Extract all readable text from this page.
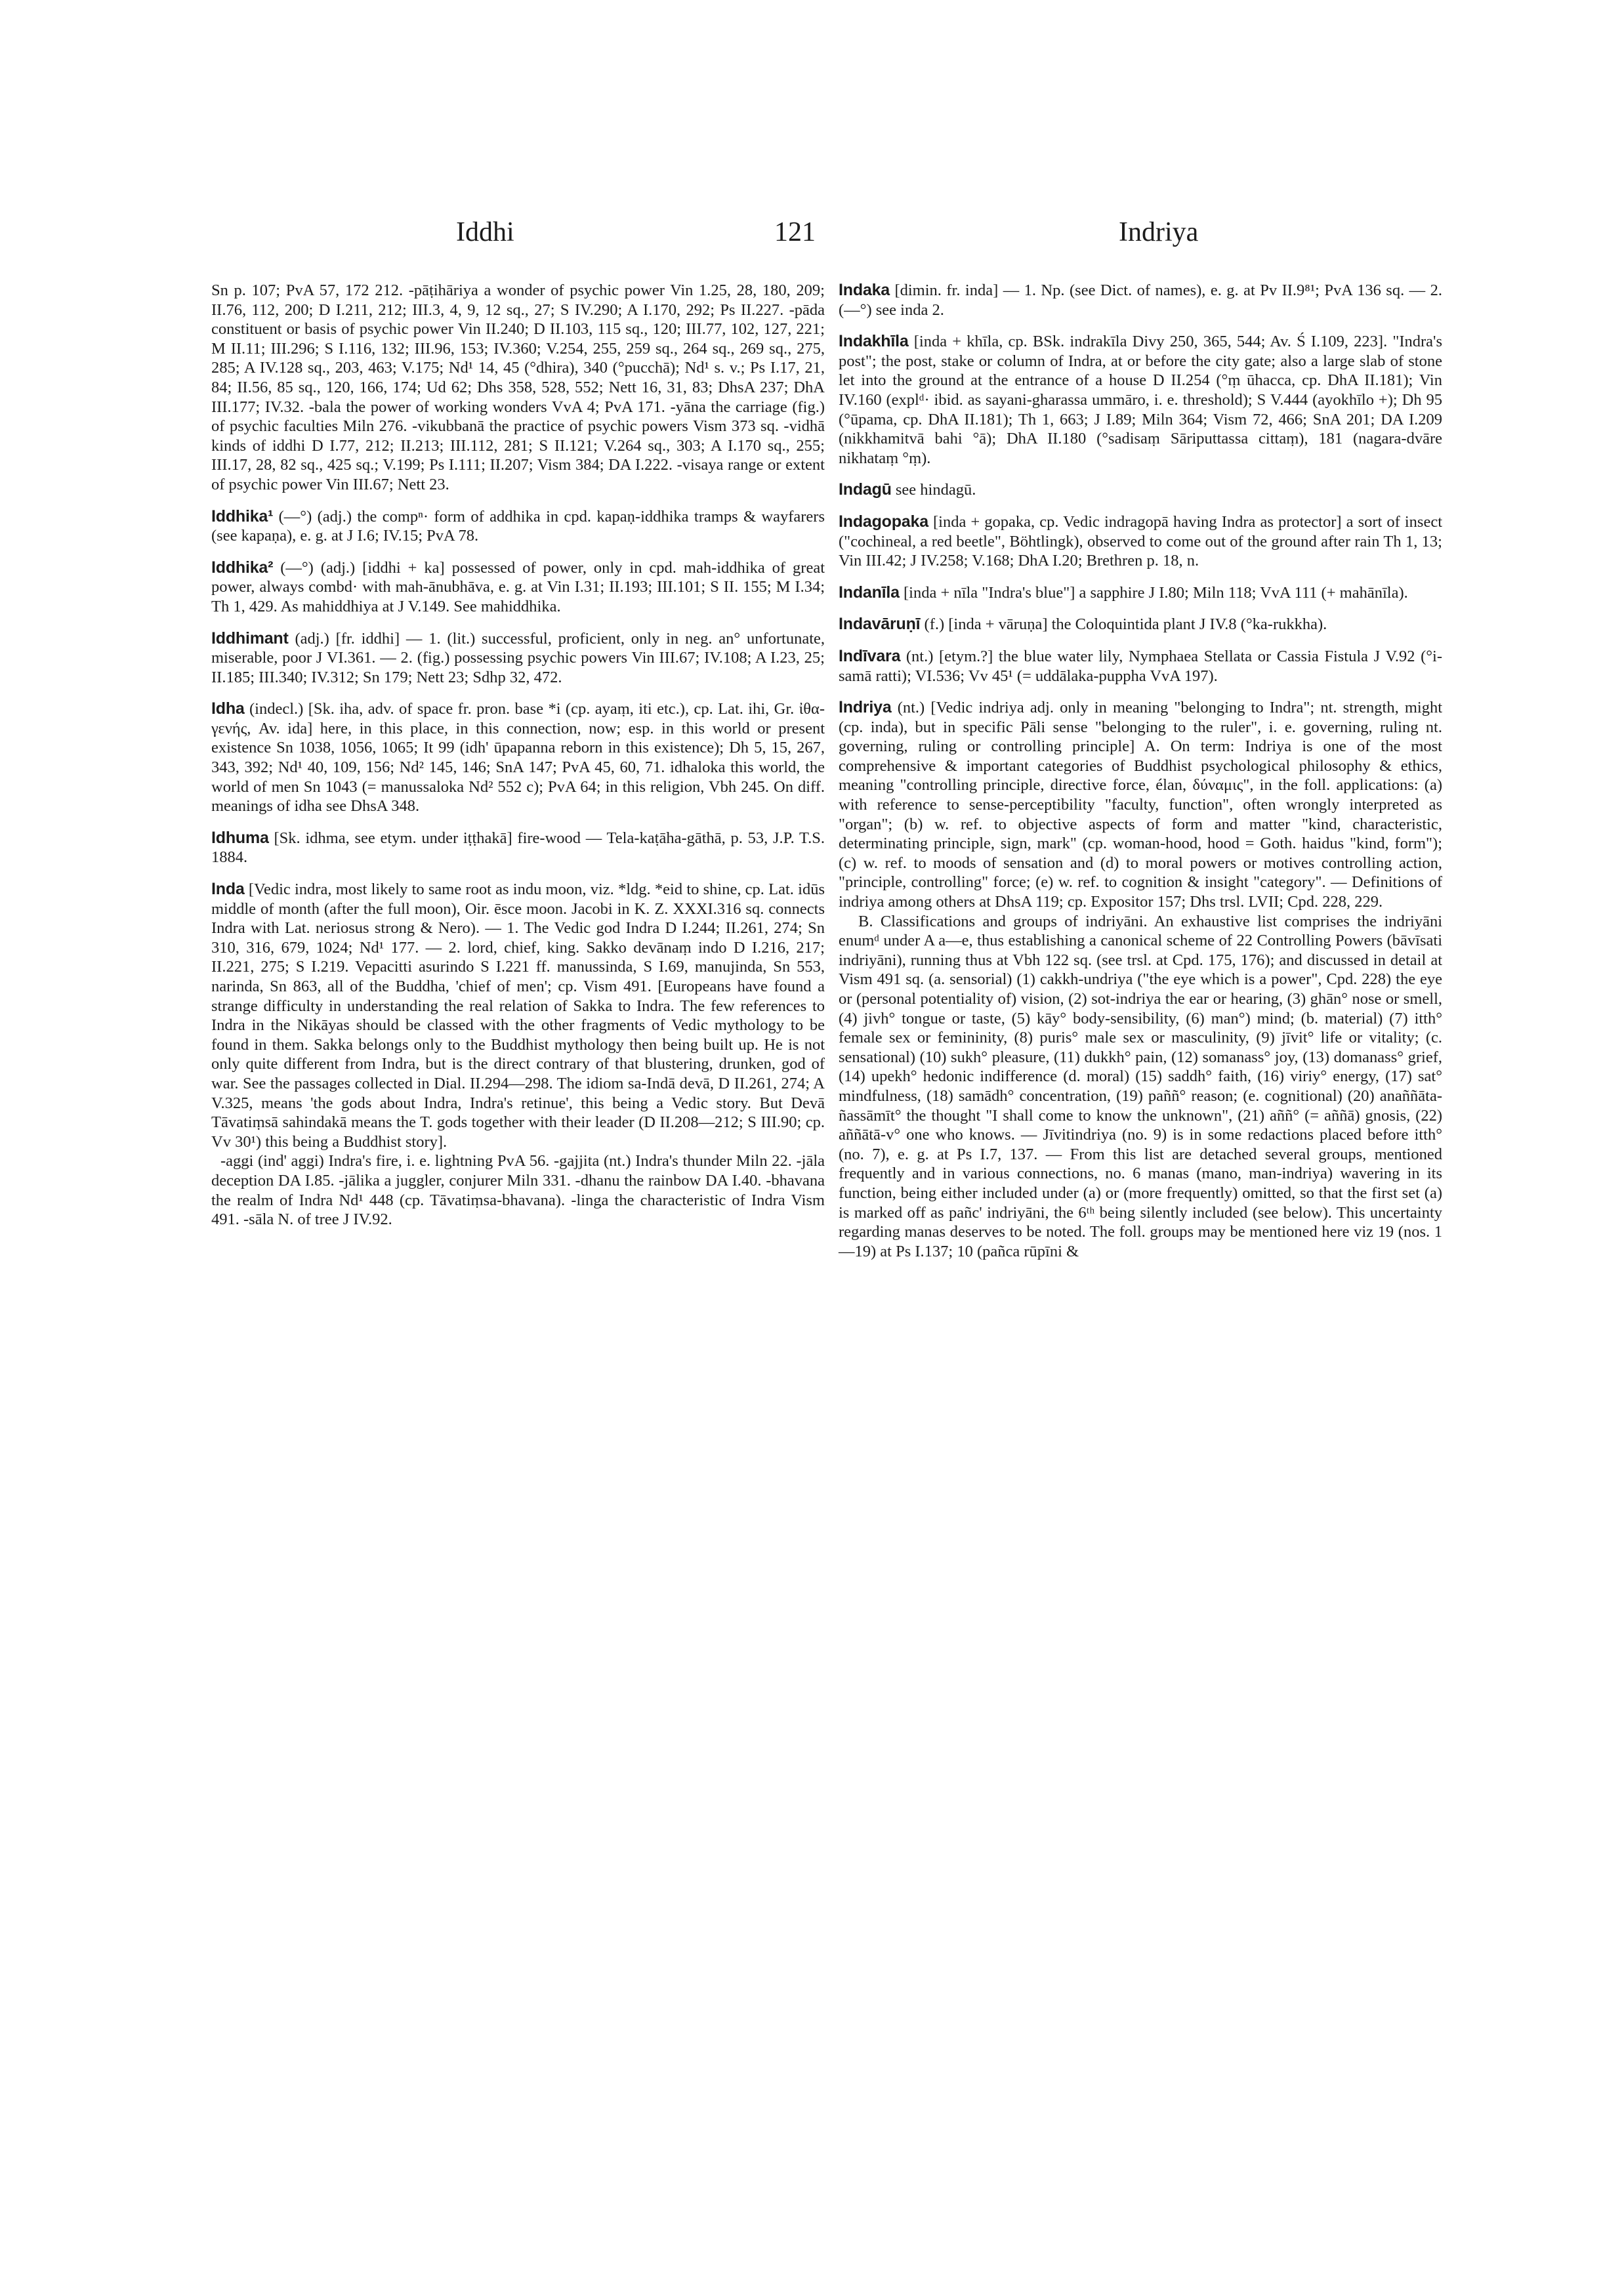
Iddhi	121	Indriya

Sn p. 107; PvA 57, 172 212. -pāṭihāriya a wonder of psychic power Vin 1.25, 28, 180, 209; II.76, 112, 200; D I.211, 212; III.3, 4, 9, 12 sq., 27; S IV.290; A I.170, 292; Ps II.227. -pāda constituent or basis of psychic power Vin II.240; D II.103, 115 sq., 120; III.77, 102, 127, 221; M II.11; III.296; S I.116, 132; III.96, 153; IV.360; V.254, 255, 259 sq., 264 sq., 269 sq., 275, 285; A IV.128 sq., 203, 463; V.175; Nd¹ 14, 45 (°dhira), 340 (°pucchā); Nd¹ s. v.; Ps I.17, 21, 84; II.56, 85 sq., 120, 166, 174; Ud 62; Dhs 358, 528, 552; Nett 16, 31, 83; DhsA 237; DhA III.177; IV.32. -bala the power of working wonders VvA 4; PvA 171. -yāna the carriage (fig.) of psychic faculties Miln 276. -vikubbanā the practice of psychic powers Vism 373 sq. -vidhā kinds of iddhi D I.77, 212; II.213; III.112, 281; S II.121; V.264 sq., 303; A I.170 sq., 255; III.17, 28, 82 sq., 425 sq.; V.199; Ps I.111; II.207; Vism 384; DA I.222. -visaya range or extent of psychic power Vin III.67; Nett 23.

Iddhika¹ (—°) (adj.) the compⁿ· form of addhika in cpd. kapaṇ-iddhika tramps & wayfarers (see kapaṇa), e. g. at J I.6; IV.15; PvA 78.

Iddhika² (—°) (adj.) [iddhi + ka] possessed of power, only in cpd. mah-iddhika of great power, always combd· with mah-ānubhāva, e. g. at Vin I.31; II.193; III.101; S II. 155; M I.34; Th 1, 429. As mahiddhiya at J V.149. See mahiddhika.

Iddhimant (adj.) [fr. iddhi] — 1. (lit.) successful, proficient, only in neg. an° unfortunate, miserable, poor J VI.361. — 2. (fig.) possessing psychic powers Vin III.67; IV.108; A I.23, 25; II.185; III.340; IV.312; Sn 179; Nett 23; Sdhp 32, 472.

Idha (indecl.) [Sk. iha, adv. of space fr. pron. base *i (cp. ayaṃ, iti etc.), cp. Lat. ihi, Gr. ἰθα-γενής, Av. ida] here, in this place, in this connection, now; esp. in this world or present existence Sn 1038, 1056, 1065; It 99 (idh' ūpapanna reborn in this existence); Dh 5, 15, 267, 343, 392; Nd¹ 40, 109, 156; Nd² 145, 146; SnA 147; PvA 45, 60, 71. idhaloka this world, the world of men Sn 1043 (= manussaloka Nd² 552 c); PvA 64; in this religion, Vbh 245. On diff. meanings of idha see DhsA 348.

Idhuma [Sk. idhma, see etym. under iṭṭhakā] fire-wood — Tela-kaṭāha-gāthā, p. 53, J.P. T.S. 1884.

Inda [Vedic indra, most likely to same root as indu moon, viz. *ldg. *eid to shine, cp. Lat. idūs middle of month (after the full moon), Oir. ēsce moon. Jacobi in K. Z. XXXI.316 sq. connects Indra with Lat. neriosus strong & Nero). — 1. The Vedic god Indra D I.244; II.261, 274; Sn 310, 316, 679, 1024; Nd¹ 177. — 2. lord, chief, king. Sakko devānaṃ indo D I.216, 217; II.221, 275; S I.219. Vepacitti asurindo S I.221 ff. manussinda, S I.69, manujinda, Sn 553, narinda, Sn 863, all of the Buddha, 'chief of men'; cp. Vism 491. [Europeans have found a strange difficulty in understanding the real relation of Sakka to Indra. The few references to Indra in the Nikāyas should be classed with the other fragments of Vedic mythology to be found in them. Sakka belongs only to the Buddhist mythology then being built up. He is not only quite different from Indra, but is the direct contrary of that blustering, drunken, god of war. See the passages collected in Dial. II.294—298. The idiom sa-Indā devā, D II.261, 274; A V.325, means 'the gods about Indra, Indra's retinue', this being a Vedic story. But Devā Tāvatiṃsā sahindakā means the T. gods together with their leader (D II.208—212; S III.90; cp. Vv 30¹) this being a Buddhist story].

-aggi (ind' aggi) Indra's fire, i. e. lightning PvA 56. -gajjita (nt.) Indra's thunder Miln 22. -jāla deception DA I.85. -jālika a juggler, conjurer Miln 331. -dhanu the rainbow DA I.40. -bhavana the realm of Indra Nd¹ 448 (cp. Tāvatiṃsa-bhavana). -linga the characteristic of Indra Vism 491. -sāla N. of tree J IV.92.

Indaka [dimin. fr. inda] — 1. Np. (see Dict. of names), e. g. at Pv II.9⁸¹; PvA 136 sq. — 2. (—°) see inda 2.

Indakhīla [inda + khīla, cp. BSk. indrakīla Divy 250, 365, 544; Av. Ś I.109, 223]. "Indra's post"; the post, stake or column of Indra, at or before the city gate; also a large slab of stone let into the ground at the entrance of a house D II.254 (°ṃ ūhacca, cp. DhA II.181); Vin IV.160 (explᵈ· ibid. as sayani-gharassa ummāro, i. e. threshold); S V.444 (ayokhīlo +); Dh 95 (°ūpama, cp. DhA II.181); Th 1, 663; J I.89; Miln 364; Vism 72, 466; SnA 201; DA I.209 (nikkhamitvā bahi °ā); DhA II.180 (°sadisaṃ Sāriputtassa cittaṃ), 181 (nagara-dvāre nikhataṃ °ṃ).

Indagū see hindagū.

Indagopaka [inda + gopaka, cp. Vedic indragopā having Indra as protector] a sort of insect ("cochineal, a red beetle", Böhtlingk), observed to come out of the ground after rain Th 1, 13; Vin III.42; J IV.258; V.168; DhA I.20; Brethren p. 18, n.

Indanīla [inda + nīla "Indra's blue"] a sapphire J I.80; Miln 118; VvA 111 (+ mahānīla).

Indavāruṇī (f.) [inda + vāruṇa] the Coloquintida plant J IV.8 (°ka-rukkha).

Indīvara (nt.) [etym.?] the blue water lily, Nymphaea Stellata or Cassia Fistula J V.92 (°i-samā ratti); VI.536; Vv 45¹ (= uddālaka-puppha VvA 197).

Indriya (nt.) [Vedic indriya adj. only in meaning "belonging to Indra"; nt. strength, might (cp. inda), but in specific Pāli sense "belonging to the ruler", i. e. governing, ruling nt. governing, ruling or controlling principle] A. On term: Indriya is one of the most comprehensive & important categories of Buddhist psychological philosophy & ethics, meaning "controlling principle, directive force, élan, δύναμις", in the foll. applications: (a) with reference to sense-perceptibility "faculty, function", often wrongly interpreted as "organ"; (b) w. ref. to objective aspects of form and matter "kind, characteristic, determinating principle, sign, mark" (cp. woman-hood, hood = Goth. haidus "kind, form"); (c) w. ref. to moods of sensation and (d) to moral powers or motives controlling action, "principle, controlling" force; (e) w. ref. to cognition & insight "category". — Definitions of indriya among others at DhsA 119; cp. Expositor 157; Dhs trsl. LVII; Cpd. 228, 229.

B. Classifications and groups of indriyāni. An exhaustive list comprises the indriyāni enumᵈ under A a—e, thus establishing a canonical scheme of 22 Controlling Powers (bāvīsati indriyāni), running thus at Vbh 122 sq. (see trsl. at Cpd. 175, 176); and discussed in detail at Vism 491 sq. (a. sensorial) (1) cakkh-undriya ("the eye which is a power", Cpd. 228) the eye or (personal potentiality of) vision, (2) sot-indriya the ear or hearing, (3) ghān° nose or smell, (4) jivh° tongue or taste, (5) kāy° body-sensibility, (6) man°) mind; (b. material) (7) itth° female sex or femininity, (8) puris° male sex or masculinity, (9) jīvit° life or vitality; (c. sensational) (10) sukh° pleasure, (11) dukkh° pain, (12) somanass° joy, (13) domanass° grief, (14) upekh° hedonic indifference (d. moral) (15) saddh° faith, (16) viriy° energy, (17) sat° mindfulness, (18) samādh° concentration, (19) paññ° reason; (e. cognitional) (20) anaññāta-ñassāmīt° the thought "I shall come to know the unknown", (21) aññ° (= aññā) gnosis, (22) aññātā-v° one who knows. — Jīvitindriya (no. 9) is in some redactions placed before itth° (no. 7), e. g. at Ps I.7, 137. — From this list are detached several groups, mentioned frequently and in various connections, no. 6 manas (mano, man-indriya) wavering in its function, being either included under (a) or (more frequently) omitted, so that the first set (a) is marked off as pañc' indriyāni, the 6ᵗʰ being silently included (see below). This uncertainty regarding manas deserves to be noted. The foll. groups may be mentioned here viz 19 (nos. 1—19) at Ps I.137; 10 (pañca rūpīni &
